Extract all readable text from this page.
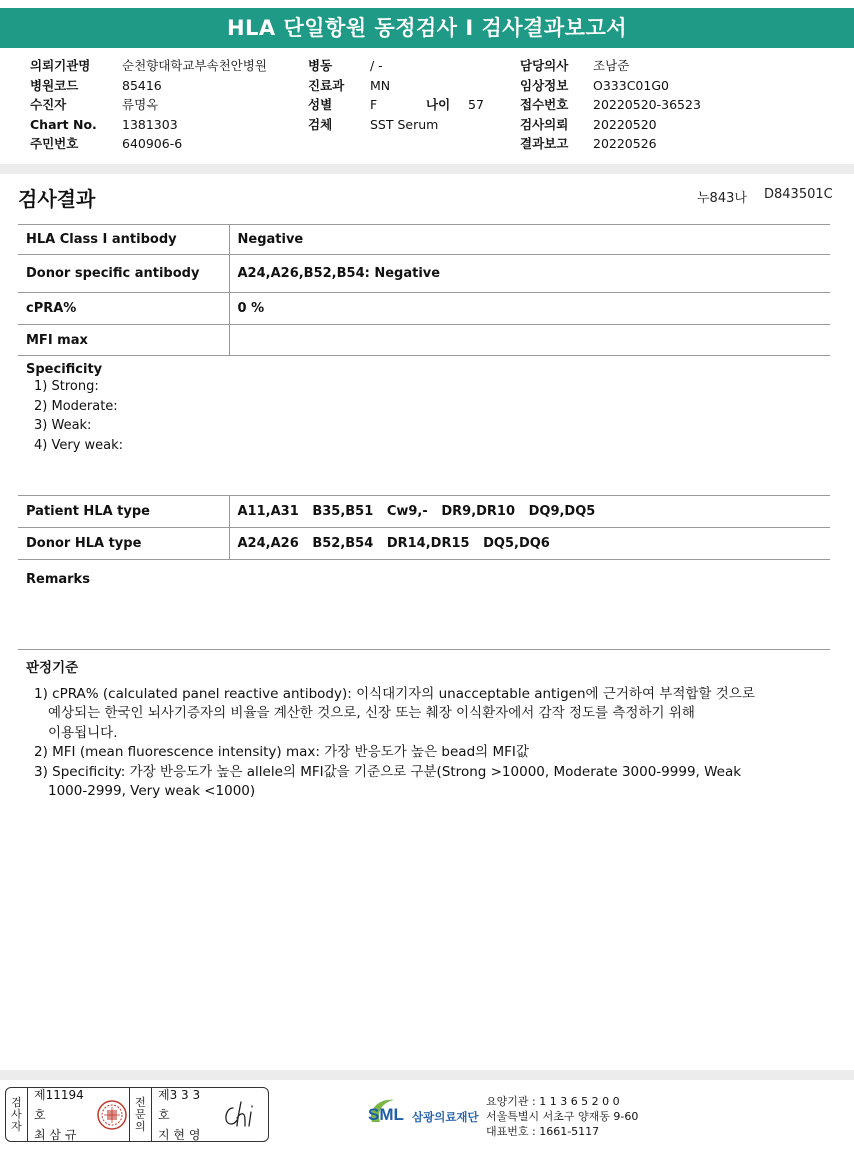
HLA 단일항원 동정검사 I 검사결과보고서
의뢰기관명	순천향대학교부속천안병원
병원코드	85416
수진자	류명옥
Chart No.	1381303
주민번호	640906-6
병동	/ -
진료과	MN
성별	F	나이	57
검체	SST Serum
담당의사	조남준
임상정보	O333C01G0
접수번호	20220520-36523
검사의뢰	20220520
결과보고	20220526
검사결과	누843나 D843501C
HLA Class I antibody	Negative
Donor specific antibody	A24,A26,B52,B54: Negative
cPRA%	0 %
MFI max	
Specificity
1) Strong:
2) Moderate:
3) Weak:
4) Very weak:
Patient HLA type	A11,A31   B35,B51   Cw9,-   DR9,DR10   DQ9,DQ5
Donor HLA type	A24,A26   B52,B54   DR14,DR15   DQ5,DQ6
Remarks
판정기준
1) cPRA% (calculated panel reactive antibody): 이식대기자의 unacceptable antigen에 근거하여 부적합할 것으로
예상되는 한국인 뇌사기증자의 비율을 계산한 것으로, 신장 또는 췌장 이식환자에서 감작 정도를 측정하기 위해
이용됩니다.
2) MFI (mean fluorescence intensity) max: 가장 반응도가 높은 bead의 MFI값
3) Specificity: 가장 반응도가 높은 allele의 MFI값을 기준으로 구분(Strong >10000, Moderate 3000-9999, Weak
1000-2999, Very weak <1000)
검
사
자
제11194호
최 삼 규
전
문
의
제3 3 3 호
지 현 영
SML 삼광의료재단
요양기관 : 1 1 3 6 5 2 0 0
서울특별시 서초구 양재동 9-60
대표번호 : 1661-5117
